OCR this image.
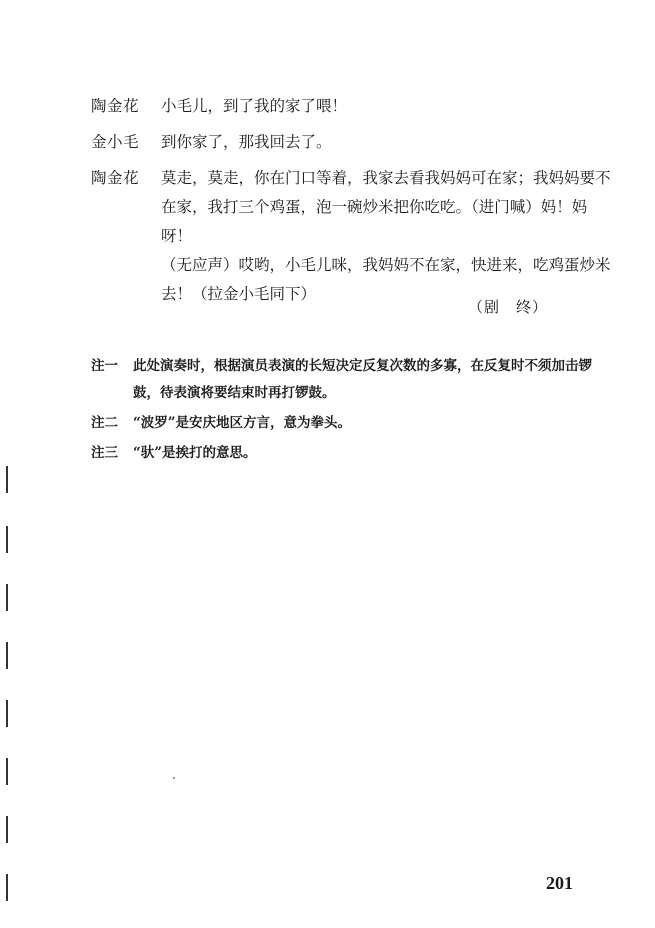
陶金花	小毛儿，到了我的家了喂！

金小毛	到你家了，那我回去了。

陶金花	莫走，莫走，你在门口等着，我家去看我妈妈可在家；我妈妈要不在家，我打三个鸡蛋，泡一碗炒米把你吃吃。（进门喊）妈！妈呀！

（无应声）哎哟，小毛儿咪，我妈妈不在家，快进来，吃鸡蛋炒米去！（拉金小毛同下）

（剧　终）
注一	此处演奏时，根据演员表演的长短决定反复次数的多寡，在反复时不须加击锣鼓，待表演将要结束时再打锣鼓。
注二	“波罗”是安庆地区方言，意为拳头。
注三	“驮”是挨打的意思。
201
